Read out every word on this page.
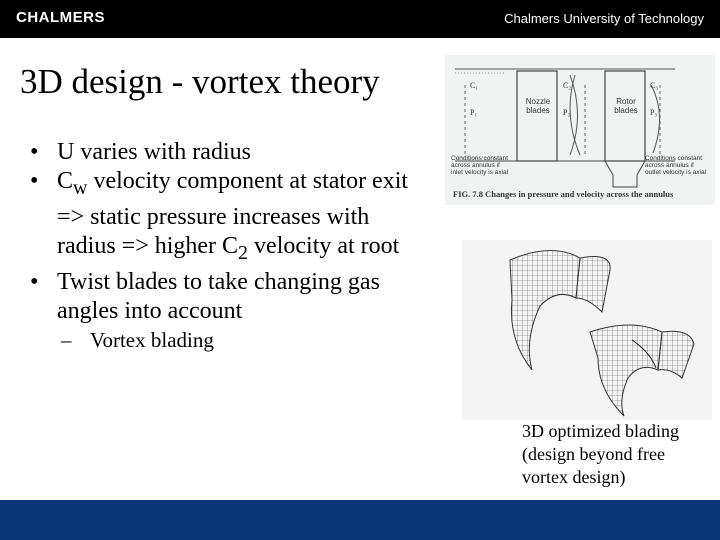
CHALMERS	Chalmers University of Technology
3D design - vortex theory
• U varies with radius
• $C_w$ velocity component at stator exit => static pressure increases with radius => higher $C_2$ velocity at root
• Twist blades to take changing gas angles into account
– Vortex blading
C₁
P₁
C₂
P₂
C₃
P₃
Nozzle blades
Rotor blades
Conditions constant across annulus if inlet velocity is axial
Conditions constant across annulus if outlet velocity is axial
FIG. 7.8 Changes in pressure and velocity across the annulus
3D optimized blading (design beyond free vortex design)
